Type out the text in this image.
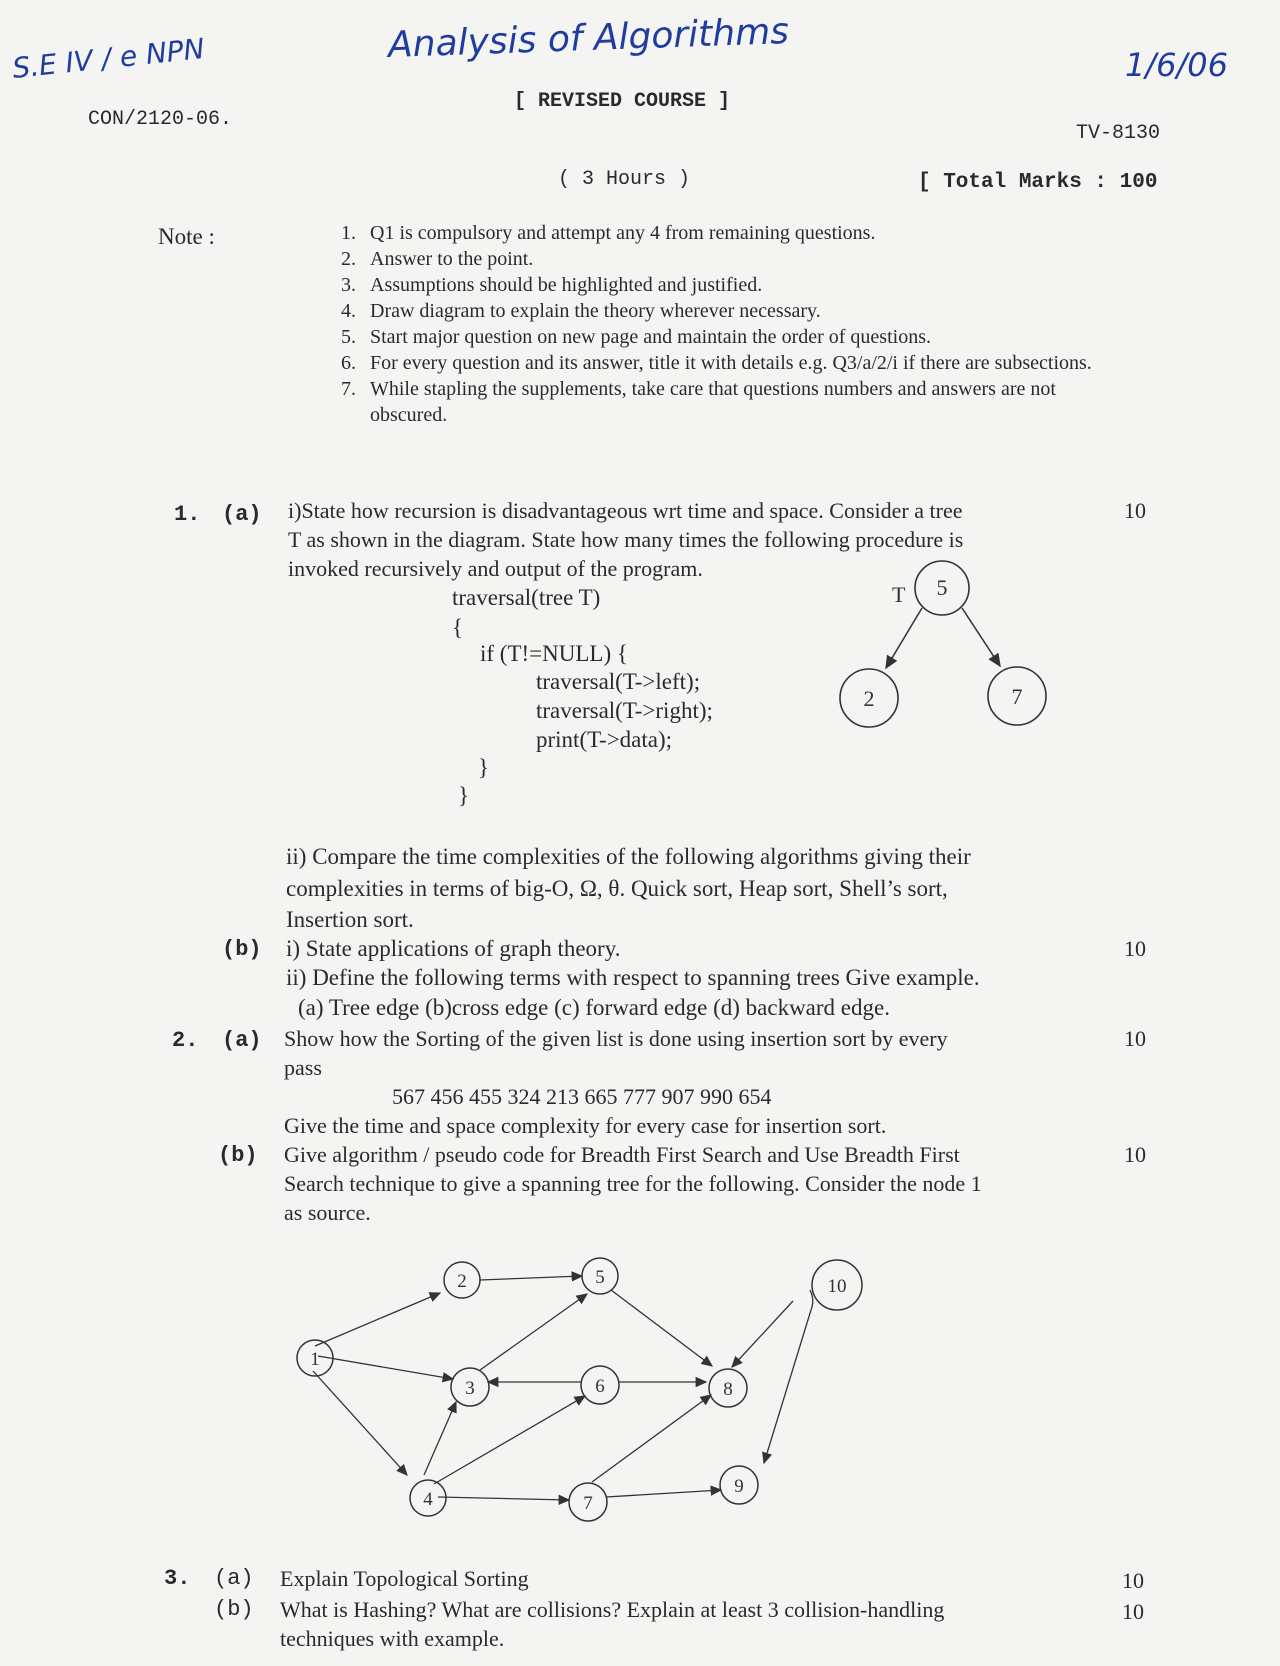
S.E IV / e NPN	Analysis of Algorithms	1/6/06
[ REVISED COURSE ]
CON/2120-06.
TV-8130
( 3 Hours )	[ Total Marks : 100
Note :	1. Q1 is compulsory and attempt any 4 from remaining questions.
2. Answer to the point.
3. Assumptions should be highlighted and justified.
4. Draw diagram to explain the theory wherever necessary.
5. Start major question on new page and maintain the order of questions.
6. For every question and its answer, title it with details e.g. Q3/a/2/i if there are subsections.
7. While stapling the supplements, take care that questions numbers and answers are not obscured.
1. (a) i)State how recursion is disadvantageous wrt time and space. Consider a tree	10
T as shown in the diagram. State how many times the following procedure is
invoked recursively and output of the program.
traversal(tree T)
{
if (T!=NULL) {
traversal(T->left);
traversal(T->right);
print(T->data);
}
}
T 5
2	7
ii) Compare the time complexities of the following algorithms giving their
complexities in terms of big-O, Ω, θ. Quick sort, Heap sort, Shell’s sort,
Insertion sort.
(b) i) State applications of graph theory.	10
ii) Define the following terms with respect to spanning trees Give example.
(a) Tree edge (b)cross edge (c) forward edge (d) backward edge.
2. (a) Show how the Sorting of the given list is done using insertion sort by every	10
pass
567 456 455 324 213 665 777 907 990 654
Give the time and space complexity for every case for insertion sort.
(b) Give algorithm / pseudo code for Breadth First Search and Use Breadth First	10
Search technique to give a spanning tree for the following. Consider the node 1
as source.
1
2
3
4
5
6
7
8
9
10
3. (a) Explain Topological Sorting	10
(b) What is Hashing? What are collisions? Explain at least 3 collision-handling	10
techniques with example.
